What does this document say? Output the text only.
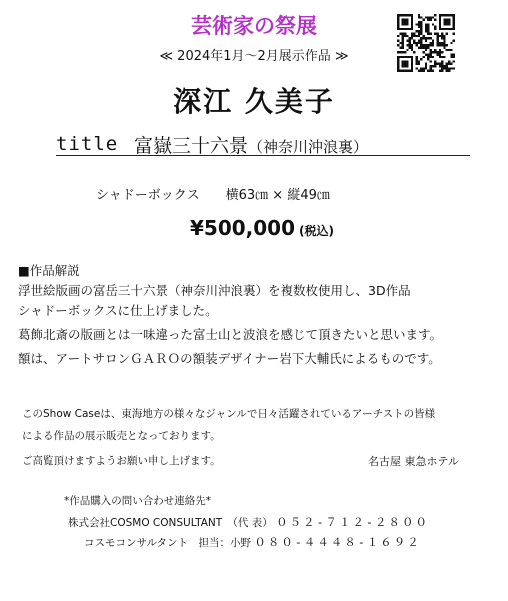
芸術家の祭展
≪ 2024年1月～2月展示作品 ≫
深江 久美子
title 富嶽三十六景（神奈川沖浪裏）
シャドーボックス 横63㎝ × 縦49㎝
¥500,000 (税込)
■作品解説
浮世絵版画の富岳三十六景（神奈川沖浪裏）を複数枚使用し、3D作品
シャドーボックスに仕上げました。
葛飾北斎の版画とは一味違った富士山と波浪を感じて頂きたいと思います。
額は、アートサロンＧＡＲＯの額装デザイナー岩下大輔氏によるものです。
このShow Caseは、東海地方の様々なジャンルで日々活躍されているアーチストの皆様
による作品の展示販売となっております。
ご高覧頂けますようお願い申し上げます。	名古屋 東急ホテル
*作品購入の問い合わせ連絡先*
株式会社COSMO CONSULTANT　（代 表） ０５２-７１２-２８００
コスモコンサルタント　担当：小野 ０８０-４４４８-１６９２
